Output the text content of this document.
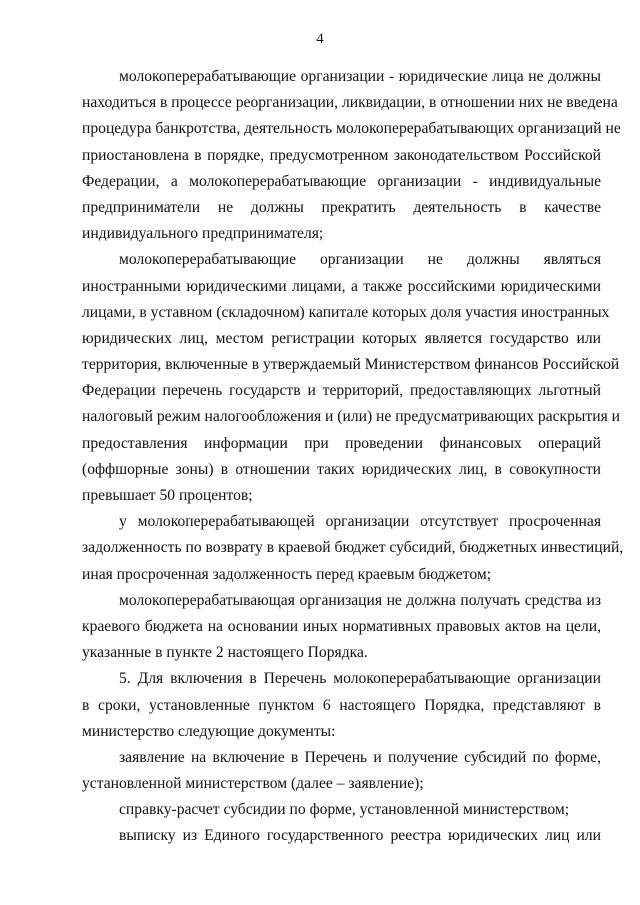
4
молокоперерабатывающие организации - юридические лица не должны
находиться в процессе реорганизации, ликвидации, в отношении них не введена
процедура банкротства, деятельность молокоперерабатывающих организаций не
приостановлена в порядке, предусмотренном законодательством Российской
Федерации, а молокоперерабатывающие организации - индивидуальные
предприниматели не должны прекратить деятельность в качестве
индивидуального предпринимателя;
молокоперерабатывающие организации не должны являться
иностранными юридическими лицами, а также российскими юридическими
лицами, в уставном (складочном) капитале которых доля участия иностранных
юридических лиц, местом регистрации которых является государство или
территория, включенные в утверждаемый Министерством финансов Российской
Федерации перечень государств и территорий, предоставляющих льготный
налоговый режим налогообложения и (или) не предусматривающих раскрытия и
предоставления информации при проведении финансовых операций
(оффшорные зоны) в отношении таких юридических лиц, в совокупности
превышает 50 процентов;
у молокоперерабатывающей организации отсутствует просроченная
задолженность по возврату в краевой бюджет субсидий, бюджетных инвестиций,
иная просроченная задолженность перед краевым бюджетом;
молокоперерабатывающая организация не должна получать средства из
краевого бюджета на основании иных нормативных правовых актов на цели,
указанные в пункте 2 настоящего Порядка.
5. Для включения в Перечень молокоперерабатывающие организации
в сроки, установленные пунктом 6 настоящего Порядка, представляют в
министерство следующие документы:
заявление на включение в Перечень и получение субсидий по форме,
установленной министерством (далее – заявление);
справку-расчет субсидии по форме, установленной министерством;
выписку из Единого государственного реестра юридических лиц или
